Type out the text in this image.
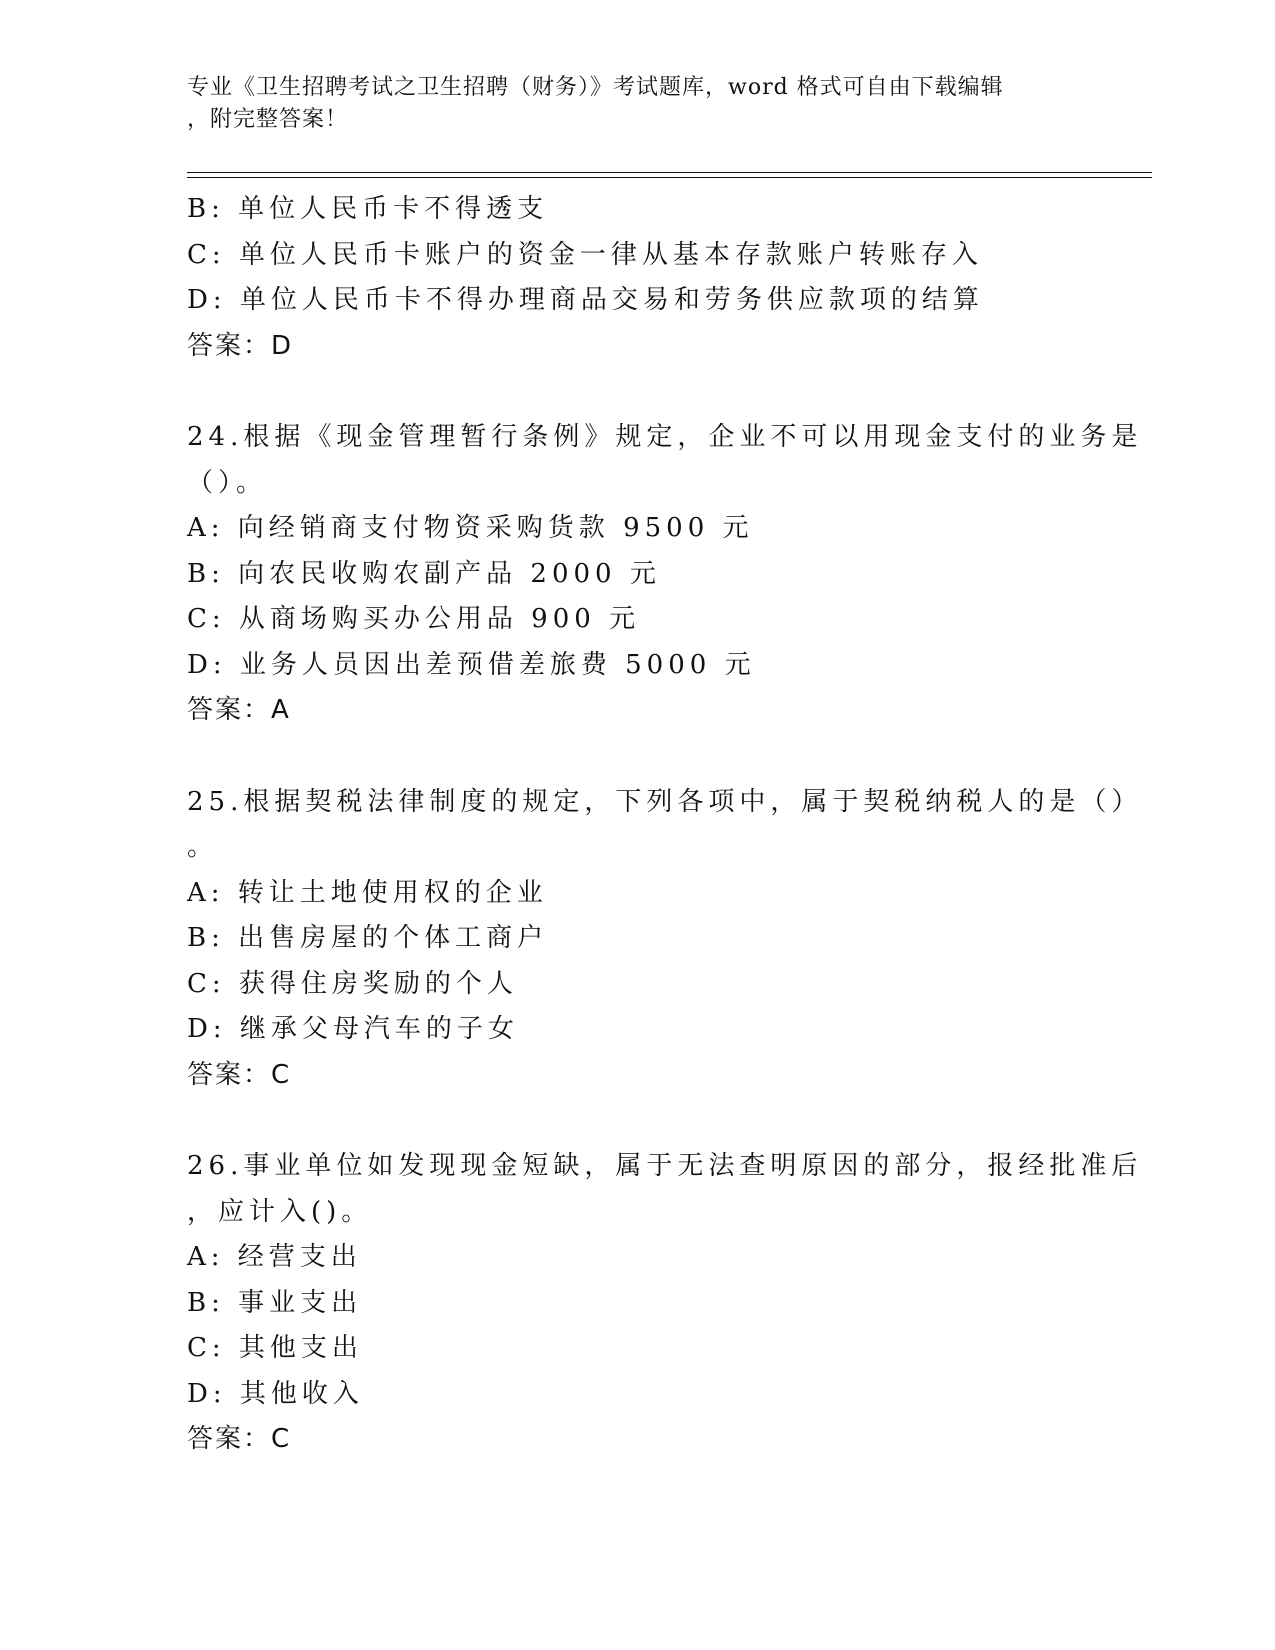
专业《卫生招聘考试之卫生招聘（财务）》考试题库，word 格式可自由下载编辑
，附完整答案！
B: 单位人民币卡不得透支
C: 单位人民币卡账户的资金一律从基本存款账户转账存入
D: 单位人民币卡不得办理商品交易和劳务供应款项的结算
答案：D
24.根据《现金管理暂行条例》规定，企业不可以用现金支付的业务是
（）。
A: 向经销商支付物资采购货款 9500 元
B: 向农民收购农副产品 2000 元
C: 从商场购买办公用品 900 元
D: 业务人员因出差预借差旅费 5000 元
答案：A
25.根据契税法律制度的规定，下列各项中，属于契税纳税人的是（）
。
A: 转让土地使用权的企业
B: 出售房屋的个体工商户
C: 获得住房奖励的个人
D: 继承父母汽车的子女
答案：C
26.事业单位如发现现金短缺，属于无法查明原因的部分，报经批准后
，应计入()。
A: 经营支出
B: 事业支出
C: 其他支出
D: 其他收入
答案：C
